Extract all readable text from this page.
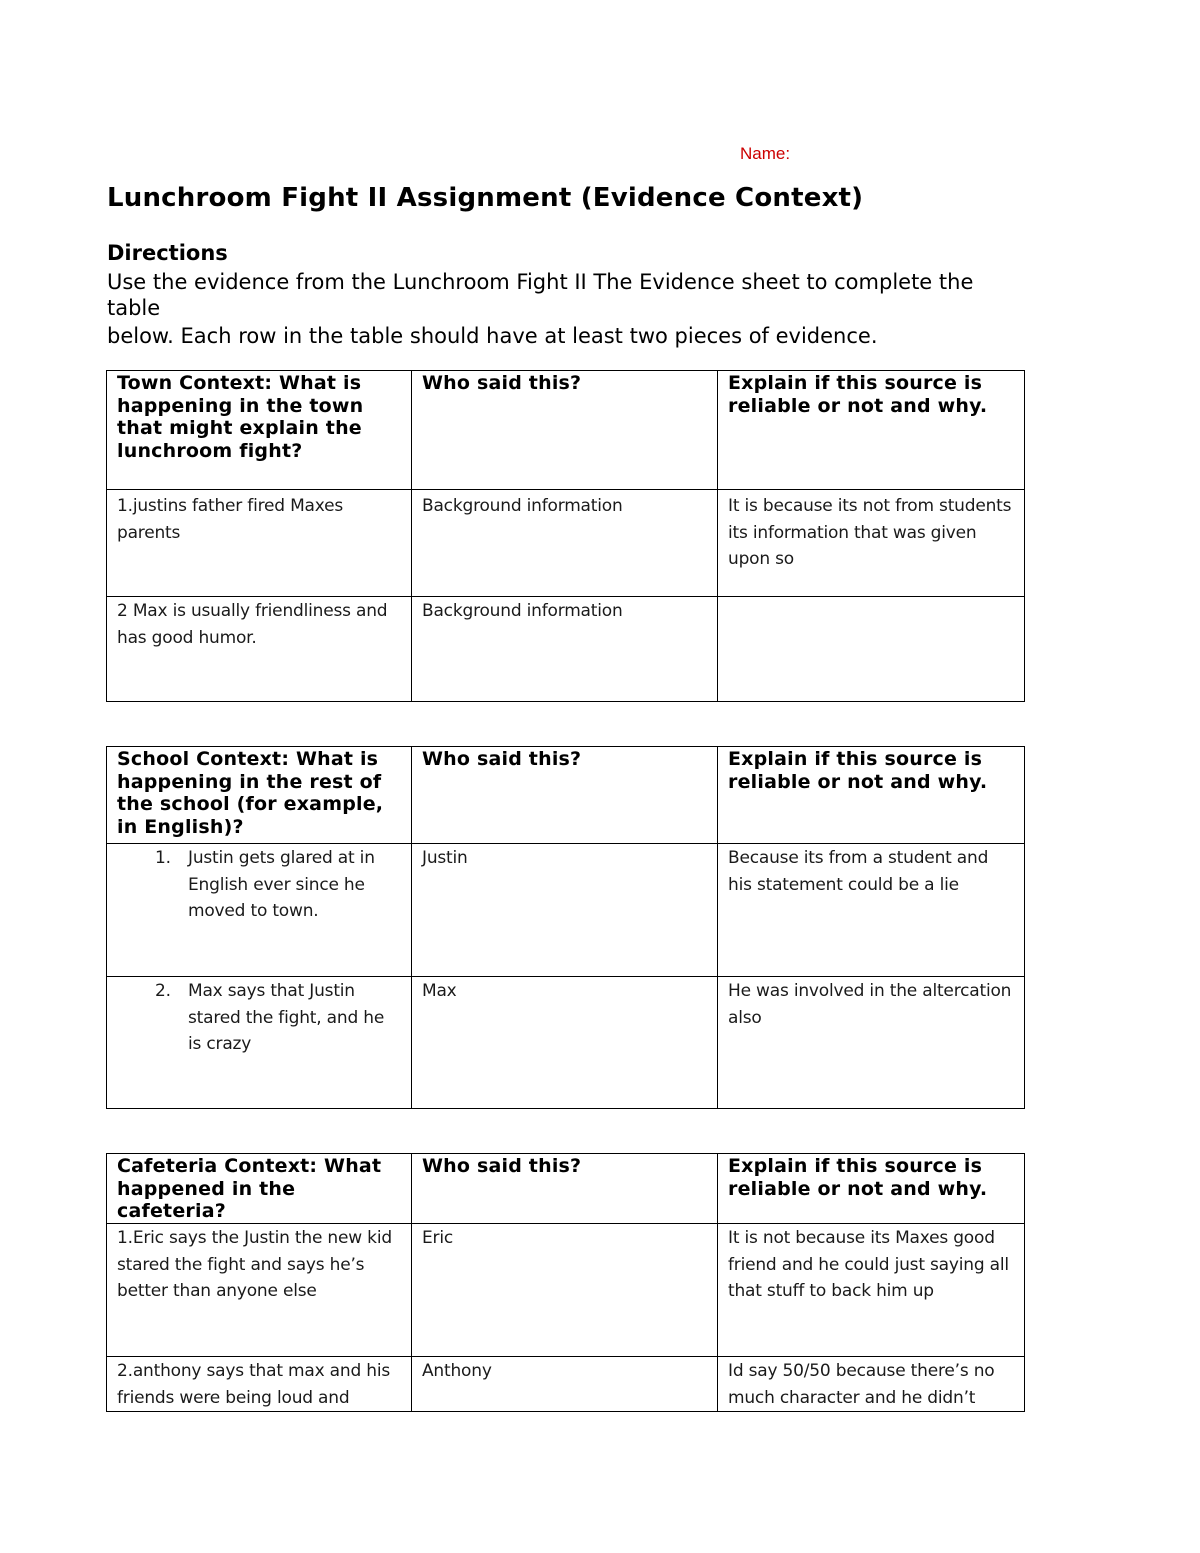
Name:
Lunchroom Fight II Assignment (Evidence Context)
Directions

Use the evidence from the Lunchroom Fight II The Evidence sheet to complete the
table
below. Each row in the table should have at least two pieces of evidence.

Town Context: What is happening in the town that might explain the lunchroom fight?	Who said this?	Explain if this source is reliable or not and why.

1.justins father fired Maxes parents	Background information	It is because its not from students its information that was given upon so

2 Max is usually friendliness and has good humor.	Background information	

School Context: What is happening in the rest of the school (for example, in English)?	Who said this?	Explain if this source is reliable or not and why.

1. Justin gets glared at in English ever since he moved to town.	Justin	Because its from a student and his statement could be a lie

2. Max says that Justin stared the fight, and he is crazy	Max	He was involved in the altercation also
Cafeteria Context: What happened in the cafeteria?	Who said this?	Explain if this source is reliable or not and why.

1.Eric says the Justin the new kid stared the fight and says he’s better than anyone else	Eric	It is not because its Maxes good friend and he could just saying all that stuff to back him up

2.anthony says that max and his friends were being loud and	Anthony	Id say 50/50 because there’s no much character and he didn’t
